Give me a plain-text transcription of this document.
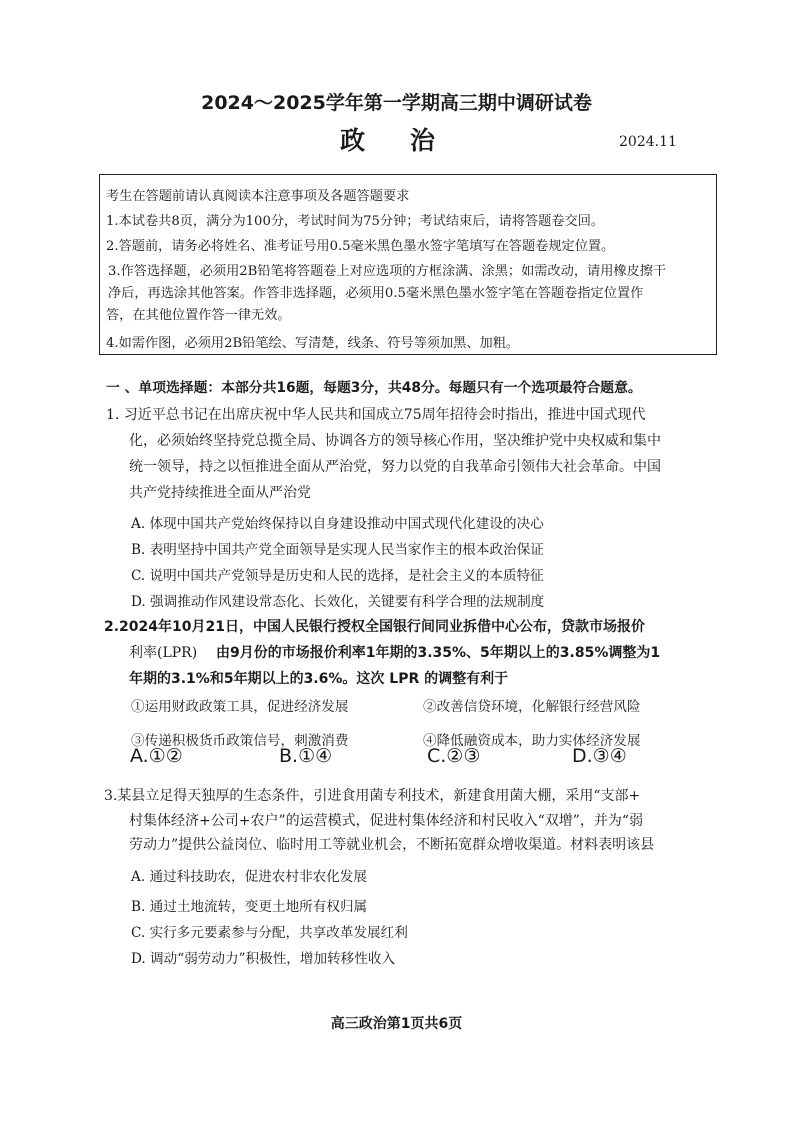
2024～2025学年第一学期高三期中调研试卷
政 治	2024.11
考生在答题前请认真阅读本注意事项及各题答题要求
1.本试卷共8页，满分为100分，考试时间为75分钟；考试结束后，请将答题卷交回。
2.答题前，请务必将姓名、准考证号用0.5毫米黑色墨水签字笔填写在答题卷规定位置。
3.作答选择题，必须用2B铅笔将答题卷上对应选项的方框涂满、涂黑；如需改动，请用橡皮擦干
净后，再选涂其他答案。作答非选择题，必须用0.5毫米黑色墨水签字笔在答题卷指定位置作
答，在其他位置作答一律无效。
4.如需作图，必须用2B铅笔绘、写清楚，线条、符号等须加黑、加粗。
一 、单项选择题：本部分共16题，每题3分，共48分。每题只有一个选项最符合题意。
1. 习近平总书记在出席庆祝中华人民共和国成立75周年招待会时指出，推进中国式现代
化，必须始终坚持党总揽全局、协调各方的领导核心作用，坚决维护党中央权威和集中
统一领导，持之以恒推进全面从严治党，努力以党的自我革命引领伟大社会革命。中国
共产党持续推进全面从严治党
A. 体现中国共产党始终保持以自身建设推动中国式现代化建设的决心
B. 表明坚持中国共产党全面领导是实现人民当家作主的根本政治保证
C. 说明中国共产党领导是历史和人民的选择，是社会主义的本质特征
D. 强调推动作风建设常态化、长效化，关键要有科学合理的法规制度
2.2024年10月21日，中国人民银行授权全国银行间同业拆借中心公布，贷款市场报价
利率(LPR) 由9月份的市场报价利率1年期的3.35%、5年期以上的3.85%调整为1
年期的3.1%和5年期以上的3.6%。这次 LPR 的调整有利于
①运用财政政策工具，促进经济发展	②改善信贷环境，化解银行经营风险
③传递积极货币政策信号，刺激消费	④降低融资成本，助力实体经济发展
A.①②	B.①④	C.②③	D.③④
3.某县立足得天独厚的生态条件，引进食用菌专利技术，新建食用菌大棚，采用“支部+
村集体经济+公司+农户”的运营模式，促进村集体经济和村民收入“双增”，并为“弱
劳动力”提供公益岗位、临时用工等就业机会，不断拓宽群众增收渠道。材料表明该县
A. 通过科技助农，促进农村非农化发展
B. 通过土地流转，变更土地所有权归属
C. 实行多元要素参与分配，共享改革发展红利
D. 调动“弱劳动力”积极性，增加转移性收入
高三政治第1页共6页
